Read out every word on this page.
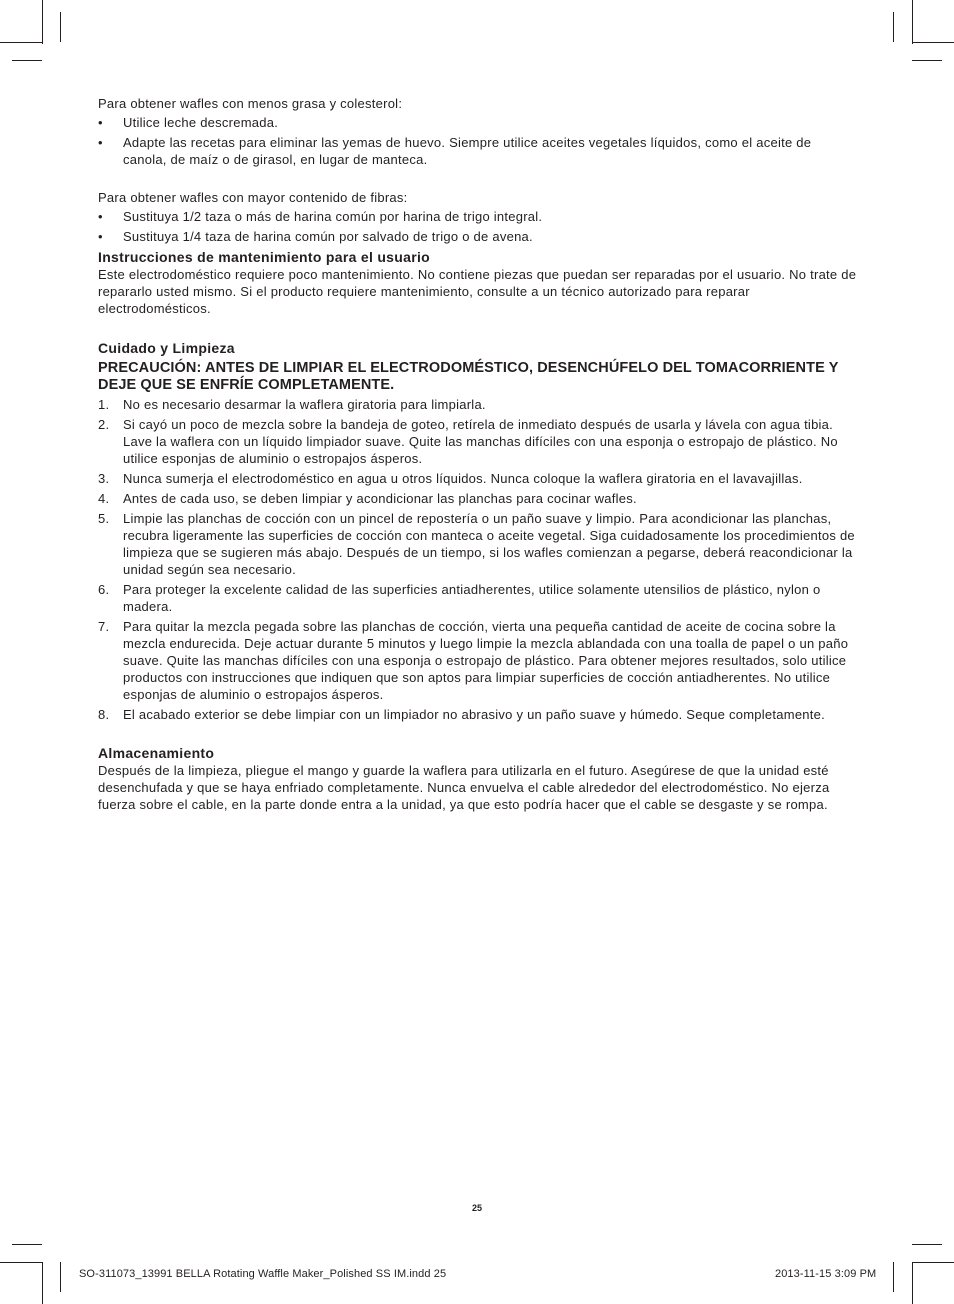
Para obtener wafles con menos grasa y colesterol:

• Utilice leche descremada.
• Adapte las recetas para eliminar las yemas de huevo. Siempre utilice aceites vegetales líquidos, como el aceite de canola, de maíz o de girasol, en lugar de manteca.

Para obtener wafles con mayor contenido de fibras:

• Sustituya 1/2 taza o más de harina común por harina de trigo integral.
• Sustituya 1/4 taza de harina común por salvado de trigo o de avena.
Instrucciones de mantenimiento para el usuario

Este electrodoméstico requiere poco mantenimiento. No contiene piezas que puedan ser reparadas por el usuario. No trate de repararlo usted mismo. Si el producto requiere mantenimiento, consulte a un técnico autorizado para reparar electrodomésticos.

Cuidado y Limpieza

PRECAUCIÓN: ANTES DE LIMPIAR EL ELECTRODOMÉSTICO, DESENCHÚFELO DEL TOMACORRIENTE Y DEJE QUE SE ENFRÍE COMPLETAMENTE.

1. No es necesario desarmar la waflera giratoria para limpiarla.
2. Si cayó un poco de mezcla sobre la bandeja de goteo, retírela de inmediato después de usarla y lávela con agua tibia. Lave la waflera con un líquido limpiador suave. Quite las manchas difíciles con una esponja o estropajo de plástico. No utilice esponjas de aluminio o estropajos ásperos.
3. Nunca sumerja el electrodoméstico en agua u otros líquidos. Nunca coloque la waflera giratoria en el lavavajillas.
4. Antes de cada uso, se deben limpiar y acondicionar las planchas para cocinar wafles.
5. Limpie las planchas de cocción con un pincel de repostería o un paño suave y limpio. Para acondicionar las planchas, recubra ligeramente las superficies de cocción con manteca o aceite vegetal. Siga cuidadosamente los procedimientos de limpieza que se sugieren más abajo. Después de un tiempo, si los wafles comienzan a pegarse, deberá reacondicionar la unidad según sea necesario.
6. Para proteger la excelente calidad de las superficies antiadherentes, utilice solamente utensilios de plástico, nylon o madera.
7. Para quitar la mezcla pegada sobre las planchas de cocción, vierta una pequeña cantidad de aceite de cocina sobre la mezcla endurecida. Deje actuar durante 5 minutos y luego limpie la mezcla ablandada con una toalla de papel o un paño suave. Quite las manchas difíciles con una esponja o estropajo de plástico. Para obtener mejores resultados, solo utilice productos con instrucciones que indiquen que son aptos para limpiar superficies de cocción antiadherentes. No utilice esponjas de aluminio o estropajos ásperos.
8. El acabado exterior se debe limpiar con un limpiador no abrasivo y un paño suave y húmedo. Seque completamente.
Almacenamiento

Después de la limpieza, pliegue el mango y guarde la waflera para utilizarla en el futuro. Asegúrese de que la unidad esté desenchufada y que se haya enfriado completamente. Nunca envuelva el cable alrededor del electrodoméstico. No ejerza fuerza sobre el cable, en la parte donde entra a la unidad, ya que esto podría hacer que el cable se desgaste y se rompa.

25
SO-311073_13991 BELLA Rotating Waffle Maker_Polished SS IM.indd 25	2013-11-15 3:09 PM
